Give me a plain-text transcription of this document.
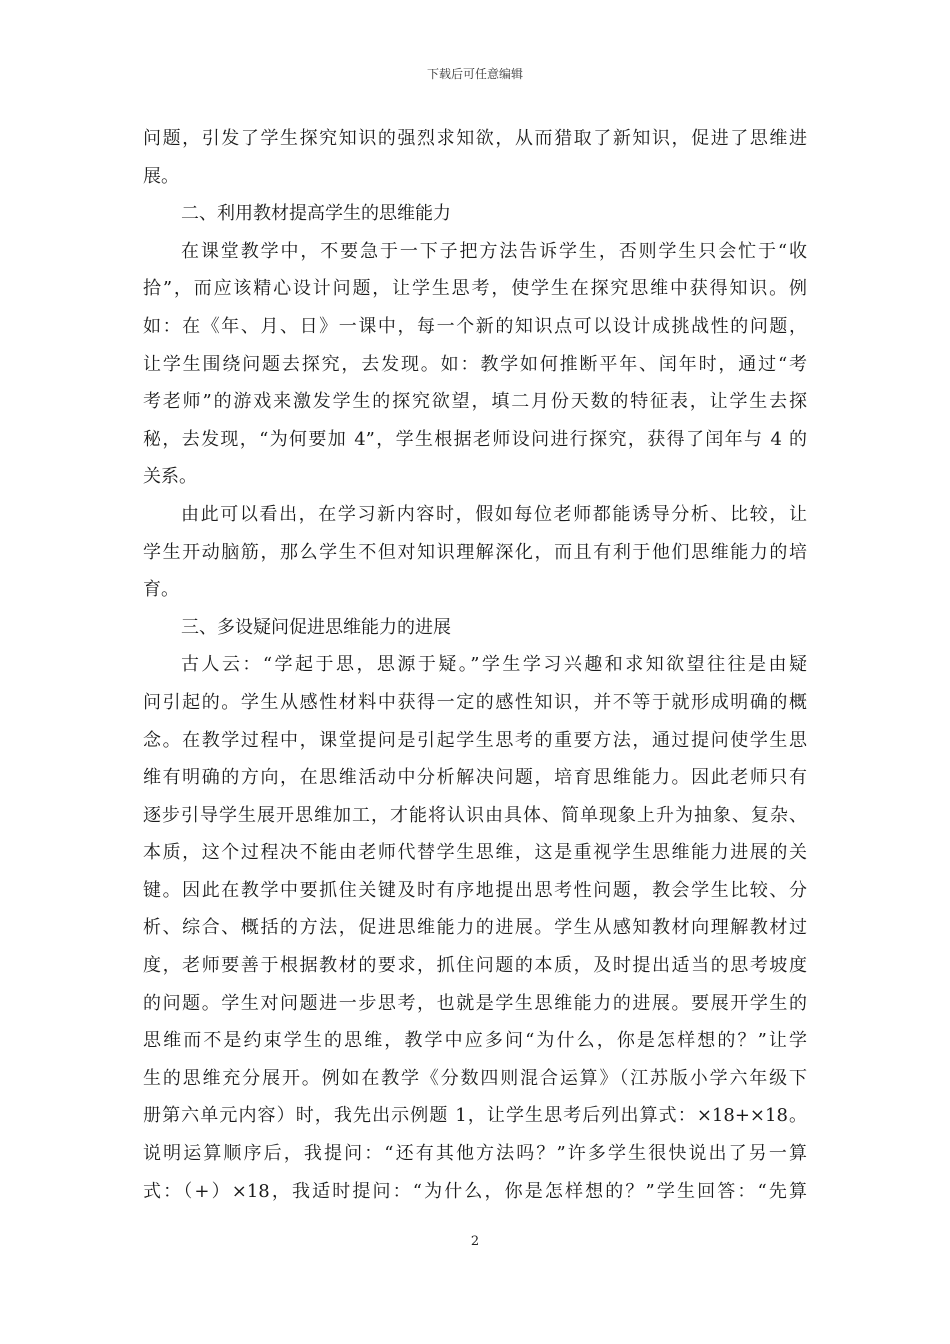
下载后可任意编辑
问题，引发了学生探究知识的强烈求知欲，从而猎取了新知识，促进了思维进
展。
二、利用教材提高学生的思维能力
在课堂教学中，不要急于一下子把方法告诉学生，否则学生只会忙于“收
拾”，而应该精心设计问题，让学生思考，使学生在探究思维中获得知识。例
如：在《年、月、日》一课中，每一个新的知识点可以设计成挑战性的问题，
让学生围绕问题去探究，去发现。如：教学如何推断平年、闰年时，通过“考
考老师”的游戏来激发学生的探究欲望，填二月份天数的特征表，让学生去探
秘，去发现，“为何要加 4”，学生根据老师设问进行探究，获得了闰年与 4 的
关系。
由此可以看出，在学习新内容时，假如每位老师都能诱导分析、比较，让
学生开动脑筋，那么学生不但对知识理解深化，而且有利于他们思维能力的培
育。
三、多设疑问促进思维能力的进展
古人云：“学起于思，思源于疑。”学生学习兴趣和求知欲望往往是由疑
问引起的。学生从感性材料中获得一定的感性知识，并不等于就形成明确的概
念。在教学过程中，课堂提问是引起学生思考的重要方法，通过提问使学生思
维有明确的方向，在思维活动中分析解决问题，培育思维能力。因此老师只有
逐步引导学生展开思维加工，才能将认识由具体、简单现象上升为抽象、复杂、
本质，这个过程决不能由老师代替学生思维，这是重视学生思维能力进展的关
键。因此在教学中要抓住关键及时有序地提出思考性问题，教会学生比较、分
析、综合、概括的方法，促进思维能力的进展。学生从感知教材向理解教材过
度，老师要善于根据教材的要求，抓住问题的本质，及时提出适当的思考坡度
的问题。学生对问题进一步思考，也就是学生思维能力的进展。要展开学生的
思维而不是约束学生的思维，教学中应多问“为什么，你是怎样想的？”让学
生的思维充分展开。例如在教学《分数四则混合运算》（江苏版小学六年级下
册第六单元内容）时，我先出示例题 1，让学生思考后列出算式：×18+×18。
说明运算顺序后，我提问：“还有其他方法吗？”许多学生很快说出了另一算
式：（+）×18，我适时提问：“为什么，你是怎样想的？”学生回答：“先算
2
